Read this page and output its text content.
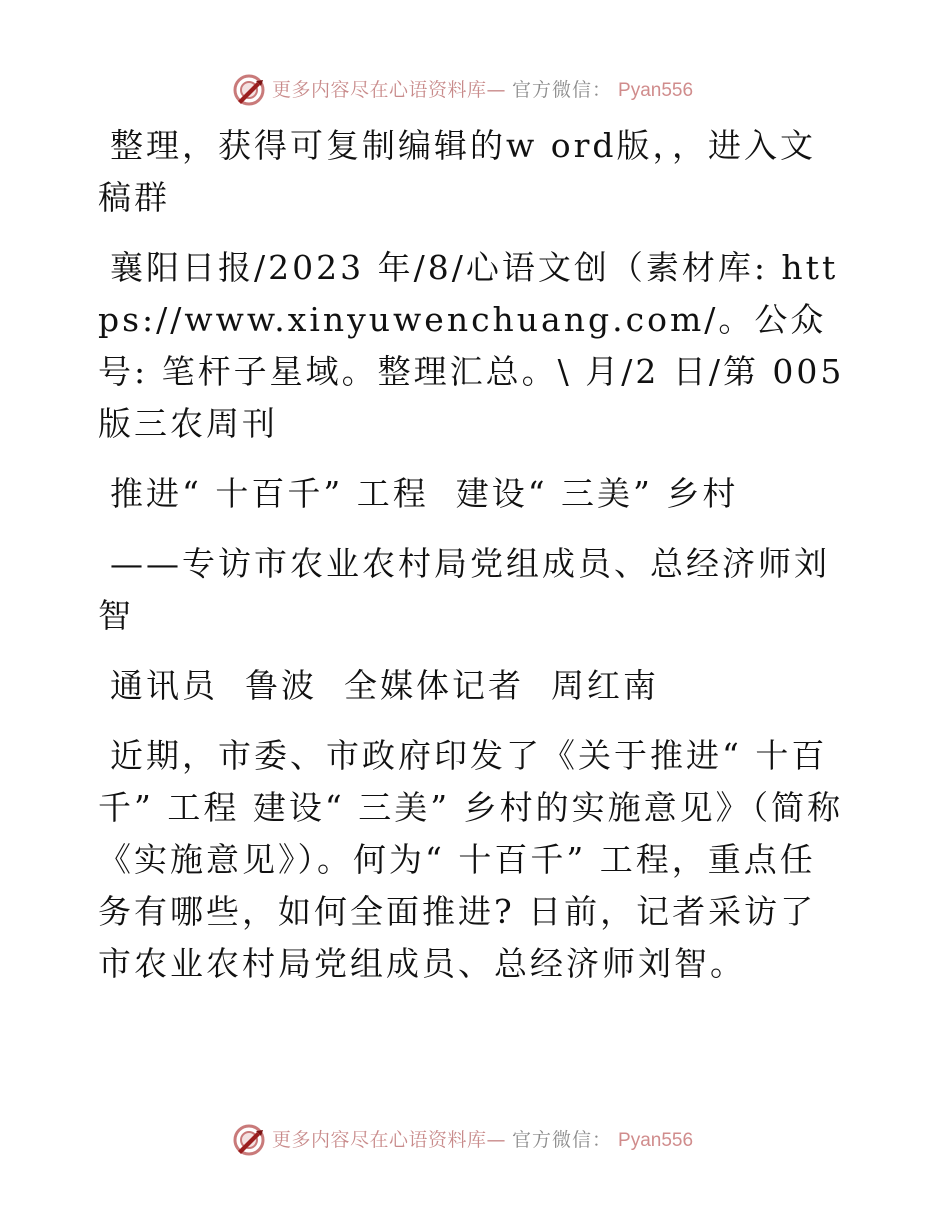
更多内容尽在心语资料库— 官方微信： Pyan556

整理，获得可复制编辑的w ord版，，进入文稿群

襄阳日报/2023 年/8/心语文创（素材库: https://www.xinyuwenchuang.com/。公众号: 笔杆子星域。整理汇总。\ 月/2 日/第 005 版三农周刊

推进“ 十百千” 工程  建设“ 三美” 乡村

——专访市农业农村局党组成员、总经济师刘智

通讯员  鲁波  全媒体记者  周红南

近期，市委、市政府印发了《关于推进“ 十百千” 工程 建设“ 三美” 乡村的实施意见》（简称《实施意见》）。何为“ 十百千” 工程，重点任务有哪些，如何全面推进? 日前，记者采访了市农业农村局党组成员、总经济师刘智。

更多内容尽在心语资料库— 官方微信： Pyan556
